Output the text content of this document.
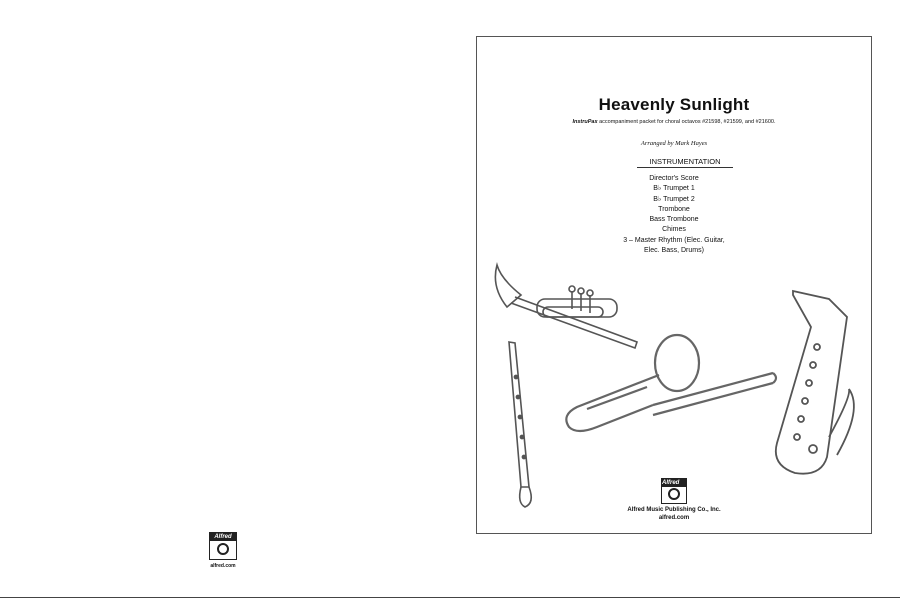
Alfred
alfred.com
Heavenly Sunlight
InstruPax accompaniment packet for choral octavos #21598, #21599, and #21600.
Arranged by Mark Hayes
INSTRUMENTATION
Director's Score
B♭ Trumpet 1
B♭ Trumpet 2
Trombone
Bass Trombone
Chimes
3 – Master Rhythm (Elec. Guitar,
Elec. Bass, Drums)
Alfred
Alfred Music Publishing Co., Inc.
alfred.com
